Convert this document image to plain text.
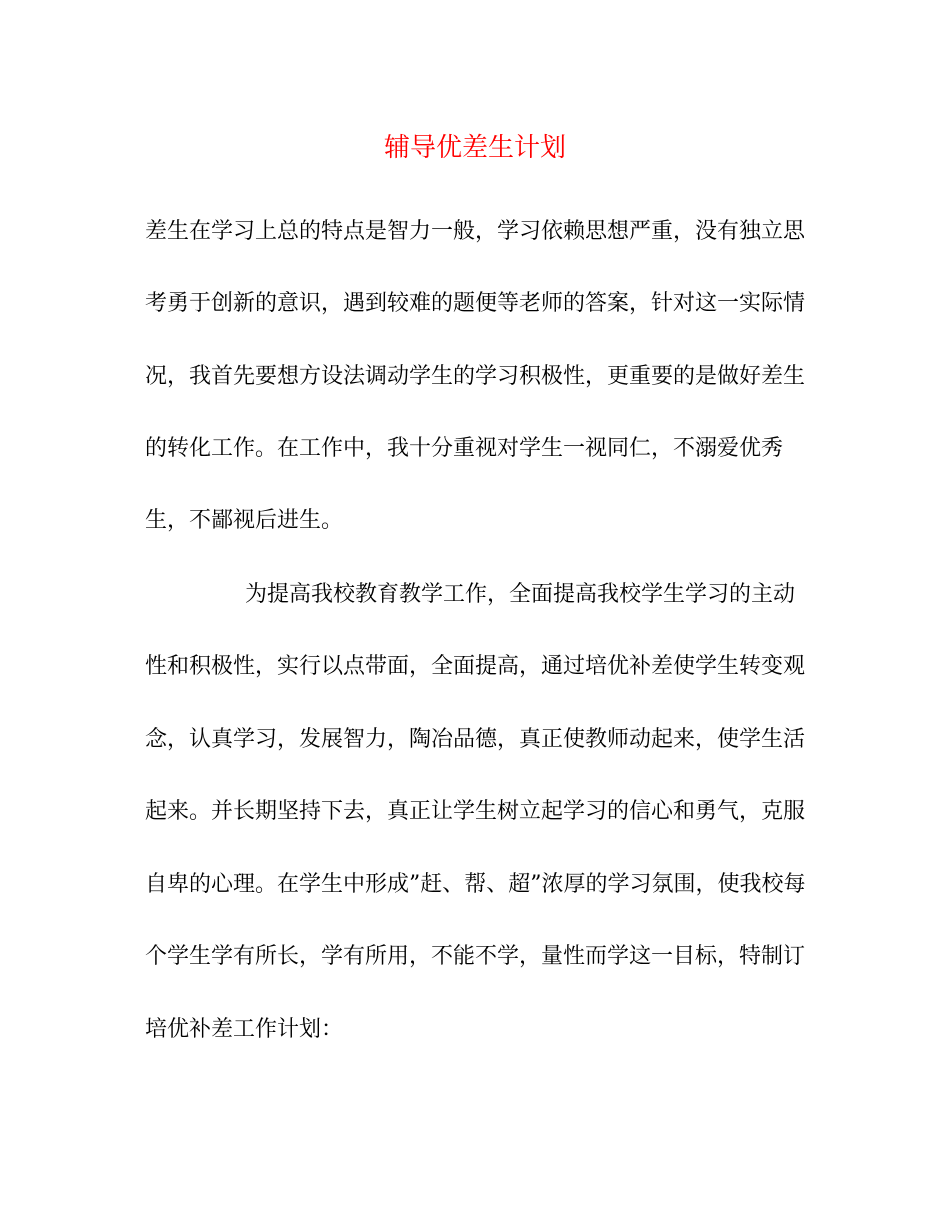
辅导优差生计划
差生在学习上总的特点是智力一般，学习依赖思想严重，没有独立思
考勇于创新的意识，遇到较难的题便等老师的答案，针对这一实际情
况，我首先要想方设法调动学生的学习积极性，更重要的是做好差生
的转化工作。在工作中，我十分重视对学生一视同仁，不溺爱优秀
生，不鄙视后进生。
为提高我校教育教学工作，全面提高我校学生学习的主动
性和积极性，实行以点带面，全面提高，通过培优补差使学生转变观
念，认真学习，发展智力，陶冶品德，真正使教师动起来，使学生活
起来。并长期坚持下去，真正让学生树立起学习的信心和勇气，克服
自卑的心理。在学生中形成”赶、帮、超”浓厚的学习氛围，使我校每
个学生学有所长，学有所用，不能不学，量性而学这一目标，特制订
培优补差工作计划：
